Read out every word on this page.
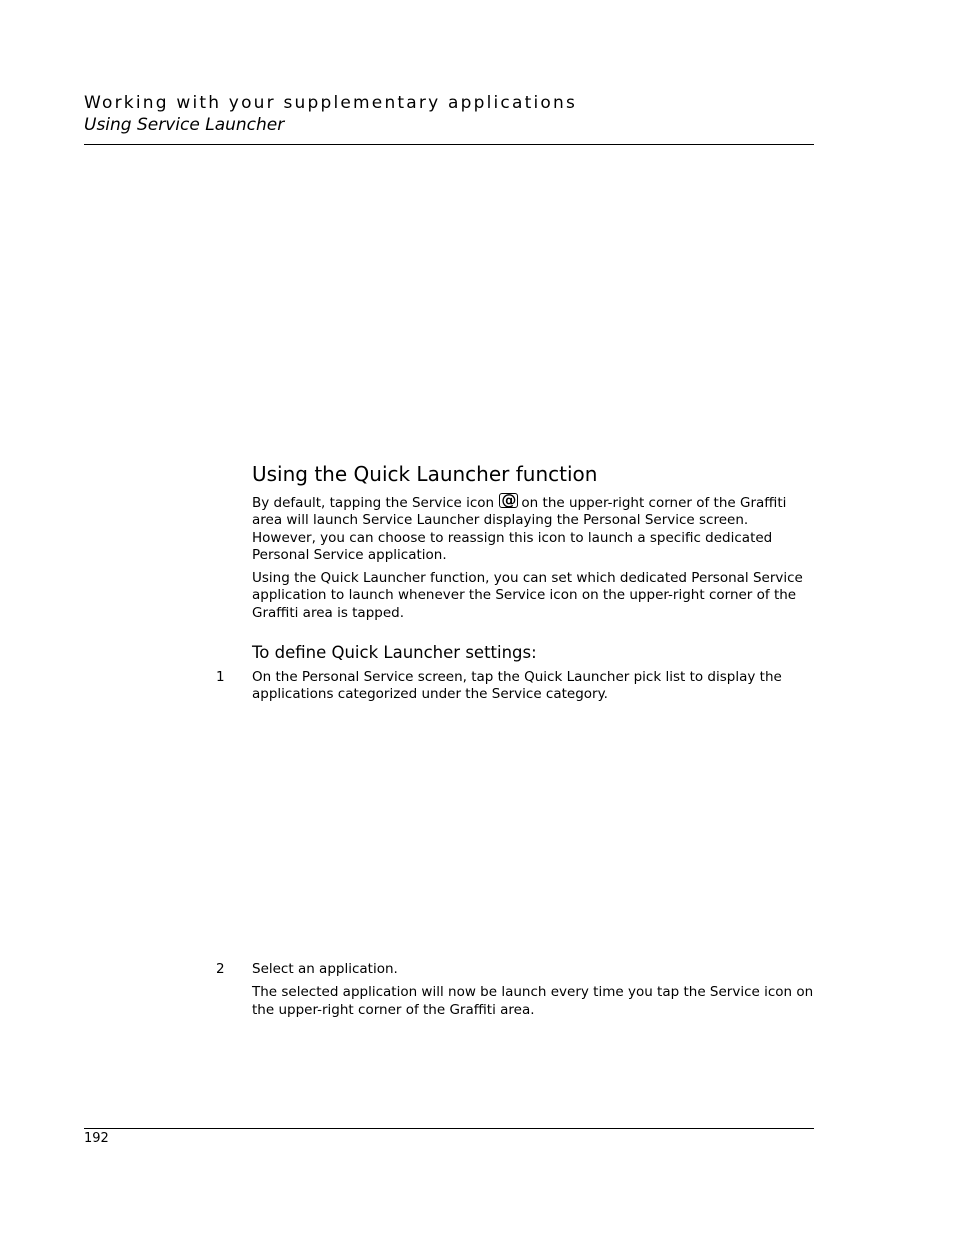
Working with your supplementary applications
Using Service Launcher
Using the Quick Launcher function

By default, tapping the Service icon @ on the upper-right corner of the Graffiti area will launch Service Launcher displaying the Personal Service screen. However, you can choose to reassign this icon to launch a specific dedicated Personal Service application.

Using the Quick Launcher function, you can set which dedicated Personal Service application to launch whenever the Service icon on the upper-right corner of the Graffiti area is tapped.

To define Quick Launcher settings:
1 On the Personal Service screen, tap the Quick Launcher pick list to display the applications categorized under the Service category.
2 Select an application.

The selected application will now be launch every time you tap the Service icon on the upper-right corner of the Graffiti area.

192
